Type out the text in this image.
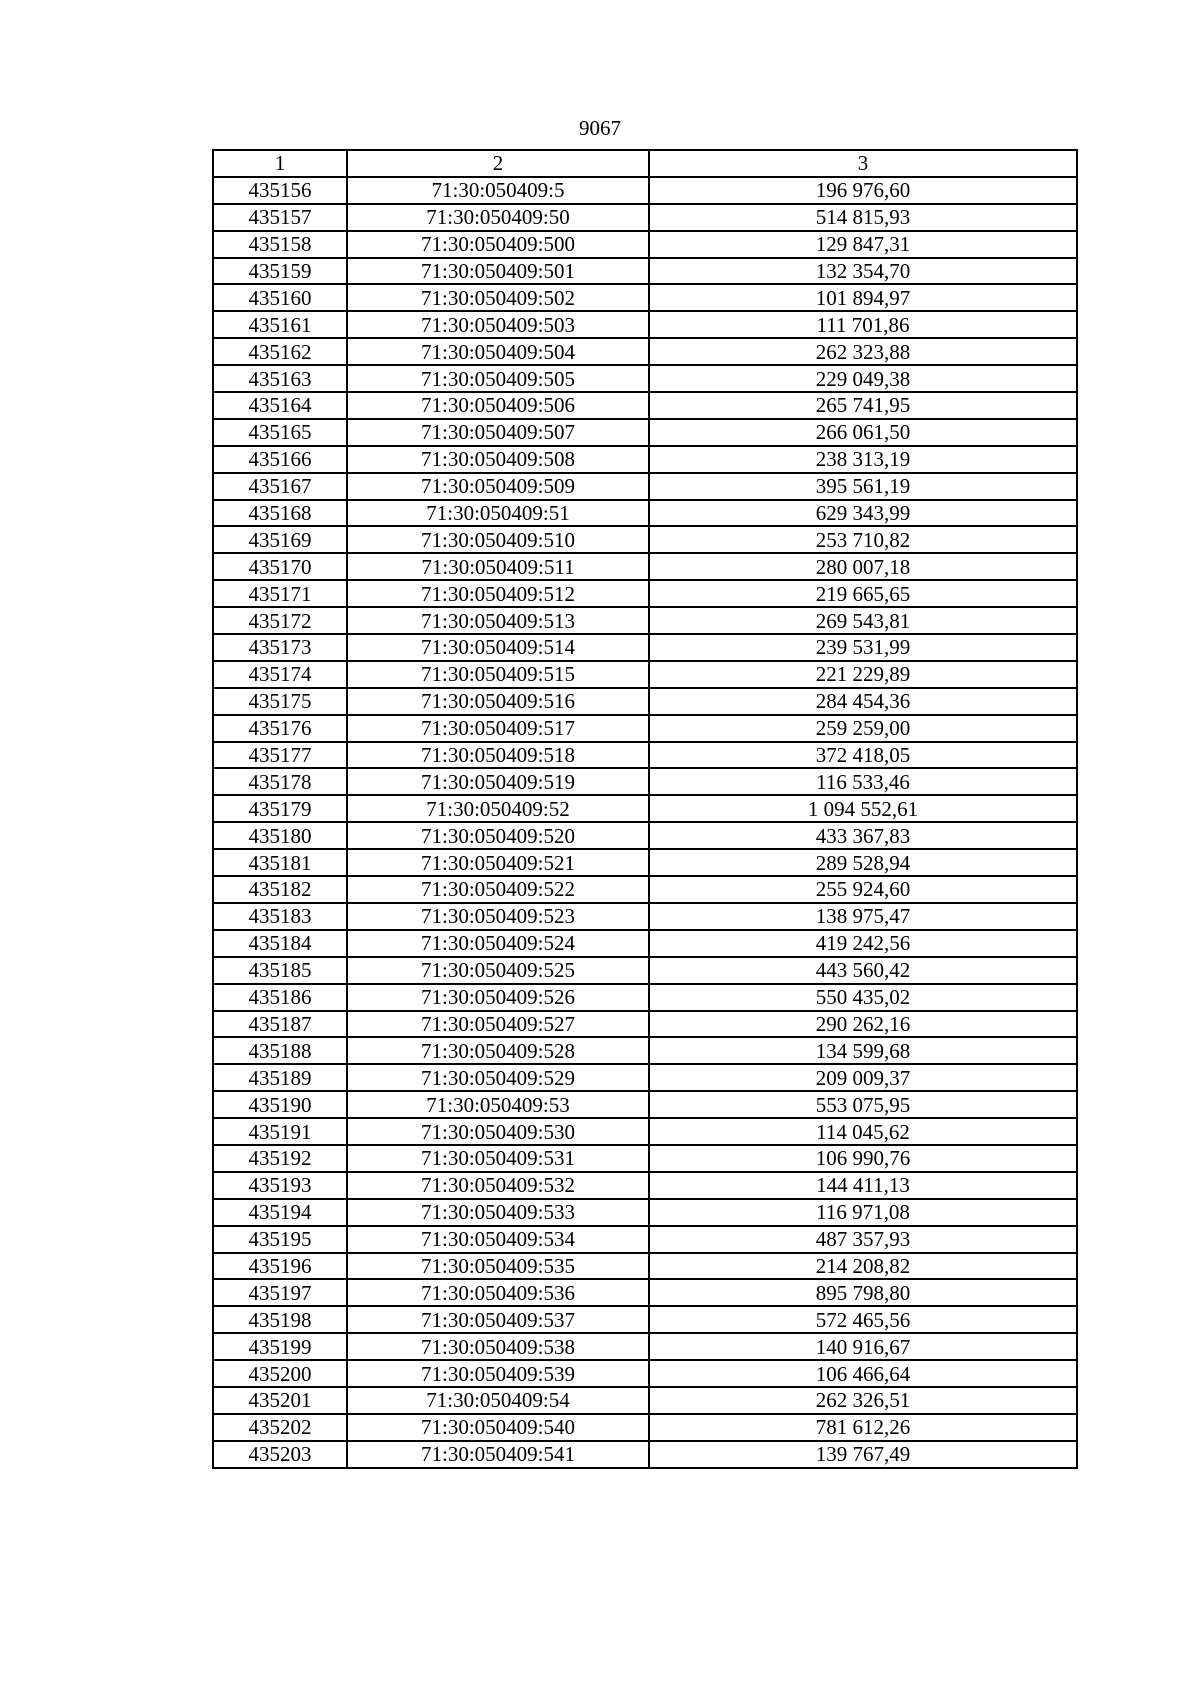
9067
1	2	3
435156	71:30:050409:5	196 976,60
435157	71:30:050409:50	514 815,93
435158	71:30:050409:500	129 847,31
435159	71:30:050409:501	132 354,70
435160	71:30:050409:502	101 894,97
435161	71:30:050409:503	111 701,86
435162	71:30:050409:504	262 323,88
435163	71:30:050409:505	229 049,38
435164	71:30:050409:506	265 741,95
435165	71:30:050409:507	266 061,50
435166	71:30:050409:508	238 313,19
435167	71:30:050409:509	395 561,19
435168	71:30:050409:51	629 343,99
435169	71:30:050409:510	253 710,82
435170	71:30:050409:511	280 007,18
435171	71:30:050409:512	219 665,65
435172	71:30:050409:513	269 543,81
435173	71:30:050409:514	239 531,99
435174	71:30:050409:515	221 229,89
435175	71:30:050409:516	284 454,36
435176	71:30:050409:517	259 259,00
435177	71:30:050409:518	372 418,05
435178	71:30:050409:519	116 533,46
435179	71:30:050409:52	1 094 552,61
435180	71:30:050409:520	433 367,83
435181	71:30:050409:521	289 528,94
435182	71:30:050409:522	255 924,60
435183	71:30:050409:523	138 975,47
435184	71:30:050409:524	419 242,56
435185	71:30:050409:525	443 560,42
435186	71:30:050409:526	550 435,02
435187	71:30:050409:527	290 262,16
435188	71:30:050409:528	134 599,68
435189	71:30:050409:529	209 009,37
435190	71:30:050409:53	553 075,95
435191	71:30:050409:530	114 045,62
435192	71:30:050409:531	106 990,76
435193	71:30:050409:532	144 411,13
435194	71:30:050409:533	116 971,08
435195	71:30:050409:534	487 357,93
435196	71:30:050409:535	214 208,82
435197	71:30:050409:536	895 798,80
435198	71:30:050409:537	572 465,56
435199	71:30:050409:538	140 916,67
435200	71:30:050409:539	106 466,64
435201	71:30:050409:54	262 326,51
435202	71:30:050409:540	781 612,26
435203	71:30:050409:541	139 767,49
